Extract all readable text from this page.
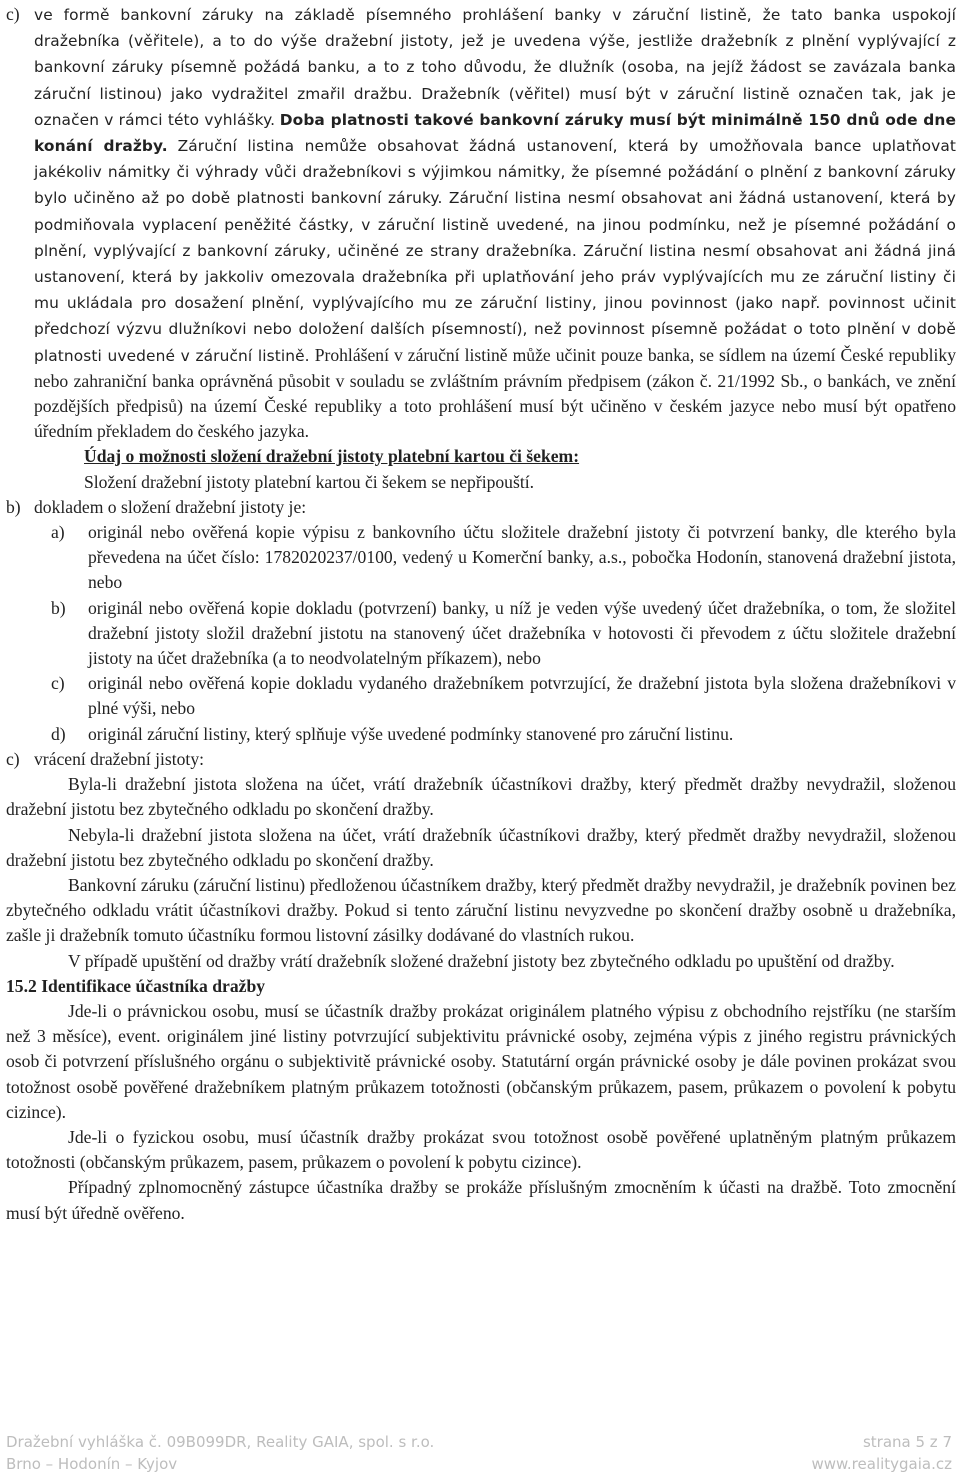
c) ve formě bankovní záruky na základě písemného prohlášení banky v záruční listině, že tato banka uspokojí dražebníka (věřitele), a to do výše dražební jistoty, jež je uvedena výše, jestliže dražebník z plnění vyplývající z bankovní záruky písemně požádá banku, a to z toho důvodu, že dlužník (osoba, na jejíž žádost se zavázala banka záruční listinou) jako vydražitel zmařil dražbu. Dražebník (věřitel) musí být v záruční listině označen tak, jak je označen v rámci této vyhlášky. Doba platnosti takové bankovní záruky musí být minimálně 150 dnů ode dne konání dražby. Záruční listina nemůže obsahovat žádná ustanovení, která by umožňovala bance uplatňovat jakékoliv námitky či výhrady vůči dražebníkovi s výjimkou námitky, že písemné požádání o plnění z bankovní záruky bylo učiněno až po době platnosti bankovní záruky. Záruční listina nesmí obsahovat ani žádná ustanovení, která by podmiňovala vyplacení peněžité částky, v záruční listině uvedené, na jinou podmínku, než je písemné požádání o plnění, vyplývající z bankovní záruky, učiněné ze strany dražebníka. Záruční listina nesmí obsahovat ani žádná jiná ustanovení, která by jakkoliv omezovala dražebníka při uplatňování jeho práv vyplývajících mu ze záruční listiny či mu ukládala pro dosažení plnění, vyplývajícího mu ze záruční listiny, jinou povinnost (jako např. povinnost učinit předchozí výzvu dlužníkovi nebo doložení dalších písemností), než povinnost písemně požádat o toto plnění v době platnosti uvedené v záruční listině. Prohlášení v záruční listině může učinit pouze banka, se sídlem na území České republiky nebo zahraniční banka oprávněná působit v souladu se zvláštním právním předpisem (zákon č. 21/1992 Sb., o bankách, ve znění pozdějších předpisů) na území České republiky a toto prohlášení musí být učiněno v českém jazyce nebo musí být opatřeno úředním překladem do českého jazyka.

Údaj o možnosti složení dražební jistoty platební kartou či šekem:

Složení dražební jistoty platební kartou či šekem se nepřipouští.

b) dokladem o složení dražební jistoty je:

a)	originál nebo ověřená kopie výpisu z bankovního účtu složitele dražební jistoty či potvrzení banky, dle kterého byla převedena na účet číslo: 1782020237/0100, vedený u Komerční banky, a.s., pobočka Hodonín, stanovená dražební jistota, nebo

b)	originál nebo ověřená kopie dokladu (potvrzení) banky, u níž je veden výše uvedený účet dražebníka, o tom, že složitel dražební jistoty složil dražební jistotu na stanovený účet dražebníka v hotovosti či převodem z účtu složitele dražební jistoty na účet dražebníka (a to neodvolatelným příkazem), nebo

c)	originál nebo ověřená kopie dokladu vydaného dražebníkem potvrzující, že dražební jistota byla složena dražebníkovi v plné výši, nebo

d)	originál záruční listiny, který splňuje výše uvedené podmínky stanovené pro záruční listinu.

c) vrácení dražební jistoty:

Byla-li dražební jistota složena na účet, vrátí dražebník účastníkovi dražby, který předmět dražby nevydražil, složenou dražební jistotu bez zbytečného odkladu po skončení dražby.

Nebyla-li dražební jistota složena na účet, vrátí dražebník účastníkovi dražby, který předmět dražby nevydražil, složenou dražební jistotu bez zbytečného odkladu po skončení dražby.

Bankovní záruku (záruční listinu) předloženou účastníkem dražby, který předmět dražby nevydražil, je dražebník povinen bez zbytečného odkladu vrátit účastníkovi dražby. Pokud si tento záruční listinu nevyzvedne po skončení dražby osobně u dražebníka, zašle ji dražebník tomuto účastníku formou listovní zásilky dodávané do vlastních rukou.

V případě upuštění od dražby vrátí dražebník složené dražební jistoty bez zbytečného odkladu po upuštění od dražby.

15.2 Identifikace účastníka dražby

Jde-li o právnickou osobu, musí se účastník dražby prokázat originálem platného výpisu z obchodního rejstříku (ne starším než 3 měsíce), event. originálem jiné listiny potvrzující subjektivitu právnické osoby, zejména výpis z jiného registru právnických osob či potvrzení příslušného orgánu o subjektivitě právnické osoby. Statutární orgán právnické osoby je dále povinen prokázat svou totožnost osobě pověřené dražebníkem platným průkazem totožnosti (občanským průkazem, pasem, průkazem o povolení k pobytu cizince).

Jde-li o fyzickou osobu, musí účastník dražby prokázat svou totožnost osobě pověřené uplatněným platným průkazem totožnosti (občanským průkazem, pasem, průkazem o povolení k pobytu cizince).

Případný zplnomocněný zástupce účastníka dražby se prokáže příslušným zmocněním k účasti na dražbě. Toto zmocnění musí být úředně ověřeno.

Dražební vyhláška č. 09B099DR, Reality GAIA, spol. s r.o.	strana 5 z 7
Brno – Hodonín – Kyjov	www.realitygaia.cz
